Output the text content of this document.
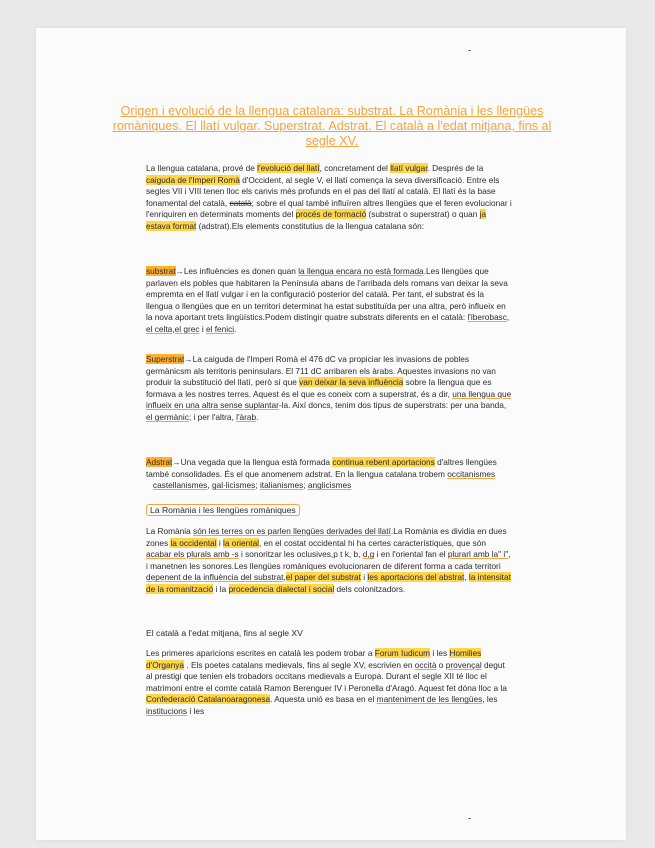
Origen i evolució de la llengua catalana: substrat. La Romània i les llengües romàniques. El llatí vulgar. Superstrat. Adstrat. El català a l'edat mitjana, fins al segle XV.
La llengua catalana, prové de l'evolució del llatí, concretament del llatí vulgar. Després de la caiguda de l'Imperi Romà d'Occident, al segle V, el llatí comença la seva diversificació. Entre els segles VII i VIII tenen lloc els canvis més profunds en el pas del llatí al català. El llatí és la base fonamental del català, català; sobre el qual també influïren altres llengües que el feren evolucionar i l'enriquiren en determinats moments del procés de formació (substrat o superstrat) o quan ja estava format (adstrat).Els elements constitutius de la llengua catalana són:
substrat→Les influències es donen quan la llengua encara no està formada.Les llengües que parlaven els pobles que habitaren la Península abans de l'arribada dels romans van deixar la seva empremta en el llatí vulgar i en la configuració posterior del català. Per tant, el substrat és la llengua o llengües que en un territori determinat ha estat substituïda per una altra, però influeix en la nova aportant trets lingüístics.Podem distingir quatre substrats diferents en el català: l'iberobasc, el celta,el grec i el fenici.
Superstrat→La caiguda de l'Imperi Romà el 476 dC va propiciar les invasions de pobles germànicsm als territoris peninsulars. El 711 dC arribaren els àrabs. Aquestes invasions no van produir la substitució del llatí, però sí que van deixar la seva influència sobre la llengua que es formava a les nostres terres. Aquest és el que es coneix com a superstrat, és a dir, una llengua que influeix en una altra sense suplantar-la. Així doncs, tenim dos tipus de superstrats: per una banda, el germànic; i per l'altra, l'àrab.
Adstrat→Una vegada que la llengua està formada continua rebent aportacions d'altres llengües també consolidades. És el que anomenem adstrat. En la llengua catalana trobem occitanismes   castellanismes, gal·licismes; italianismes; anglicismes
La Romània i les llengües romàniques
La Romània són les terres on es parlen llengües derivades del llatí.La Romània es dividia en dues zones la occidental i la oriental, en el costat occidental hi ha certes característiques, que són acabar els plurals amb -s i sonoritzar les oclusives,p t k, b, d,g i en l'oriental fan el plurarl amb la" i", i manetnen les sonores.Les llengües romàniques evolucionaren de diferent forma a cada territori depenent de la influència del substrat,el paper del substrat i les aportacions del abstrat, la intensitat de la romanització i la procedencia dialectal i social dels colonitzadors.
El català a l'edat mitjana, fins al segle XV
Les primeres aparicions escrites en català les podem trobar a Forum Iudicum i les Homilies d'Organya . Els poetes catalans medievals, fins al segle XV, escrivien en occità o provençal degut al prestigi que tenien els trobadors occitans medievals a Europa. Durant el segle XII té lloc el matrimoni entre el comte català Ramon Berenguer IV i Peronella d'Aragó. Aquest fet dóna lloc a la Confederació Catalanoaragonesa. Aquesta unió es basa en el manteniment de les llengües, les institucions i les
